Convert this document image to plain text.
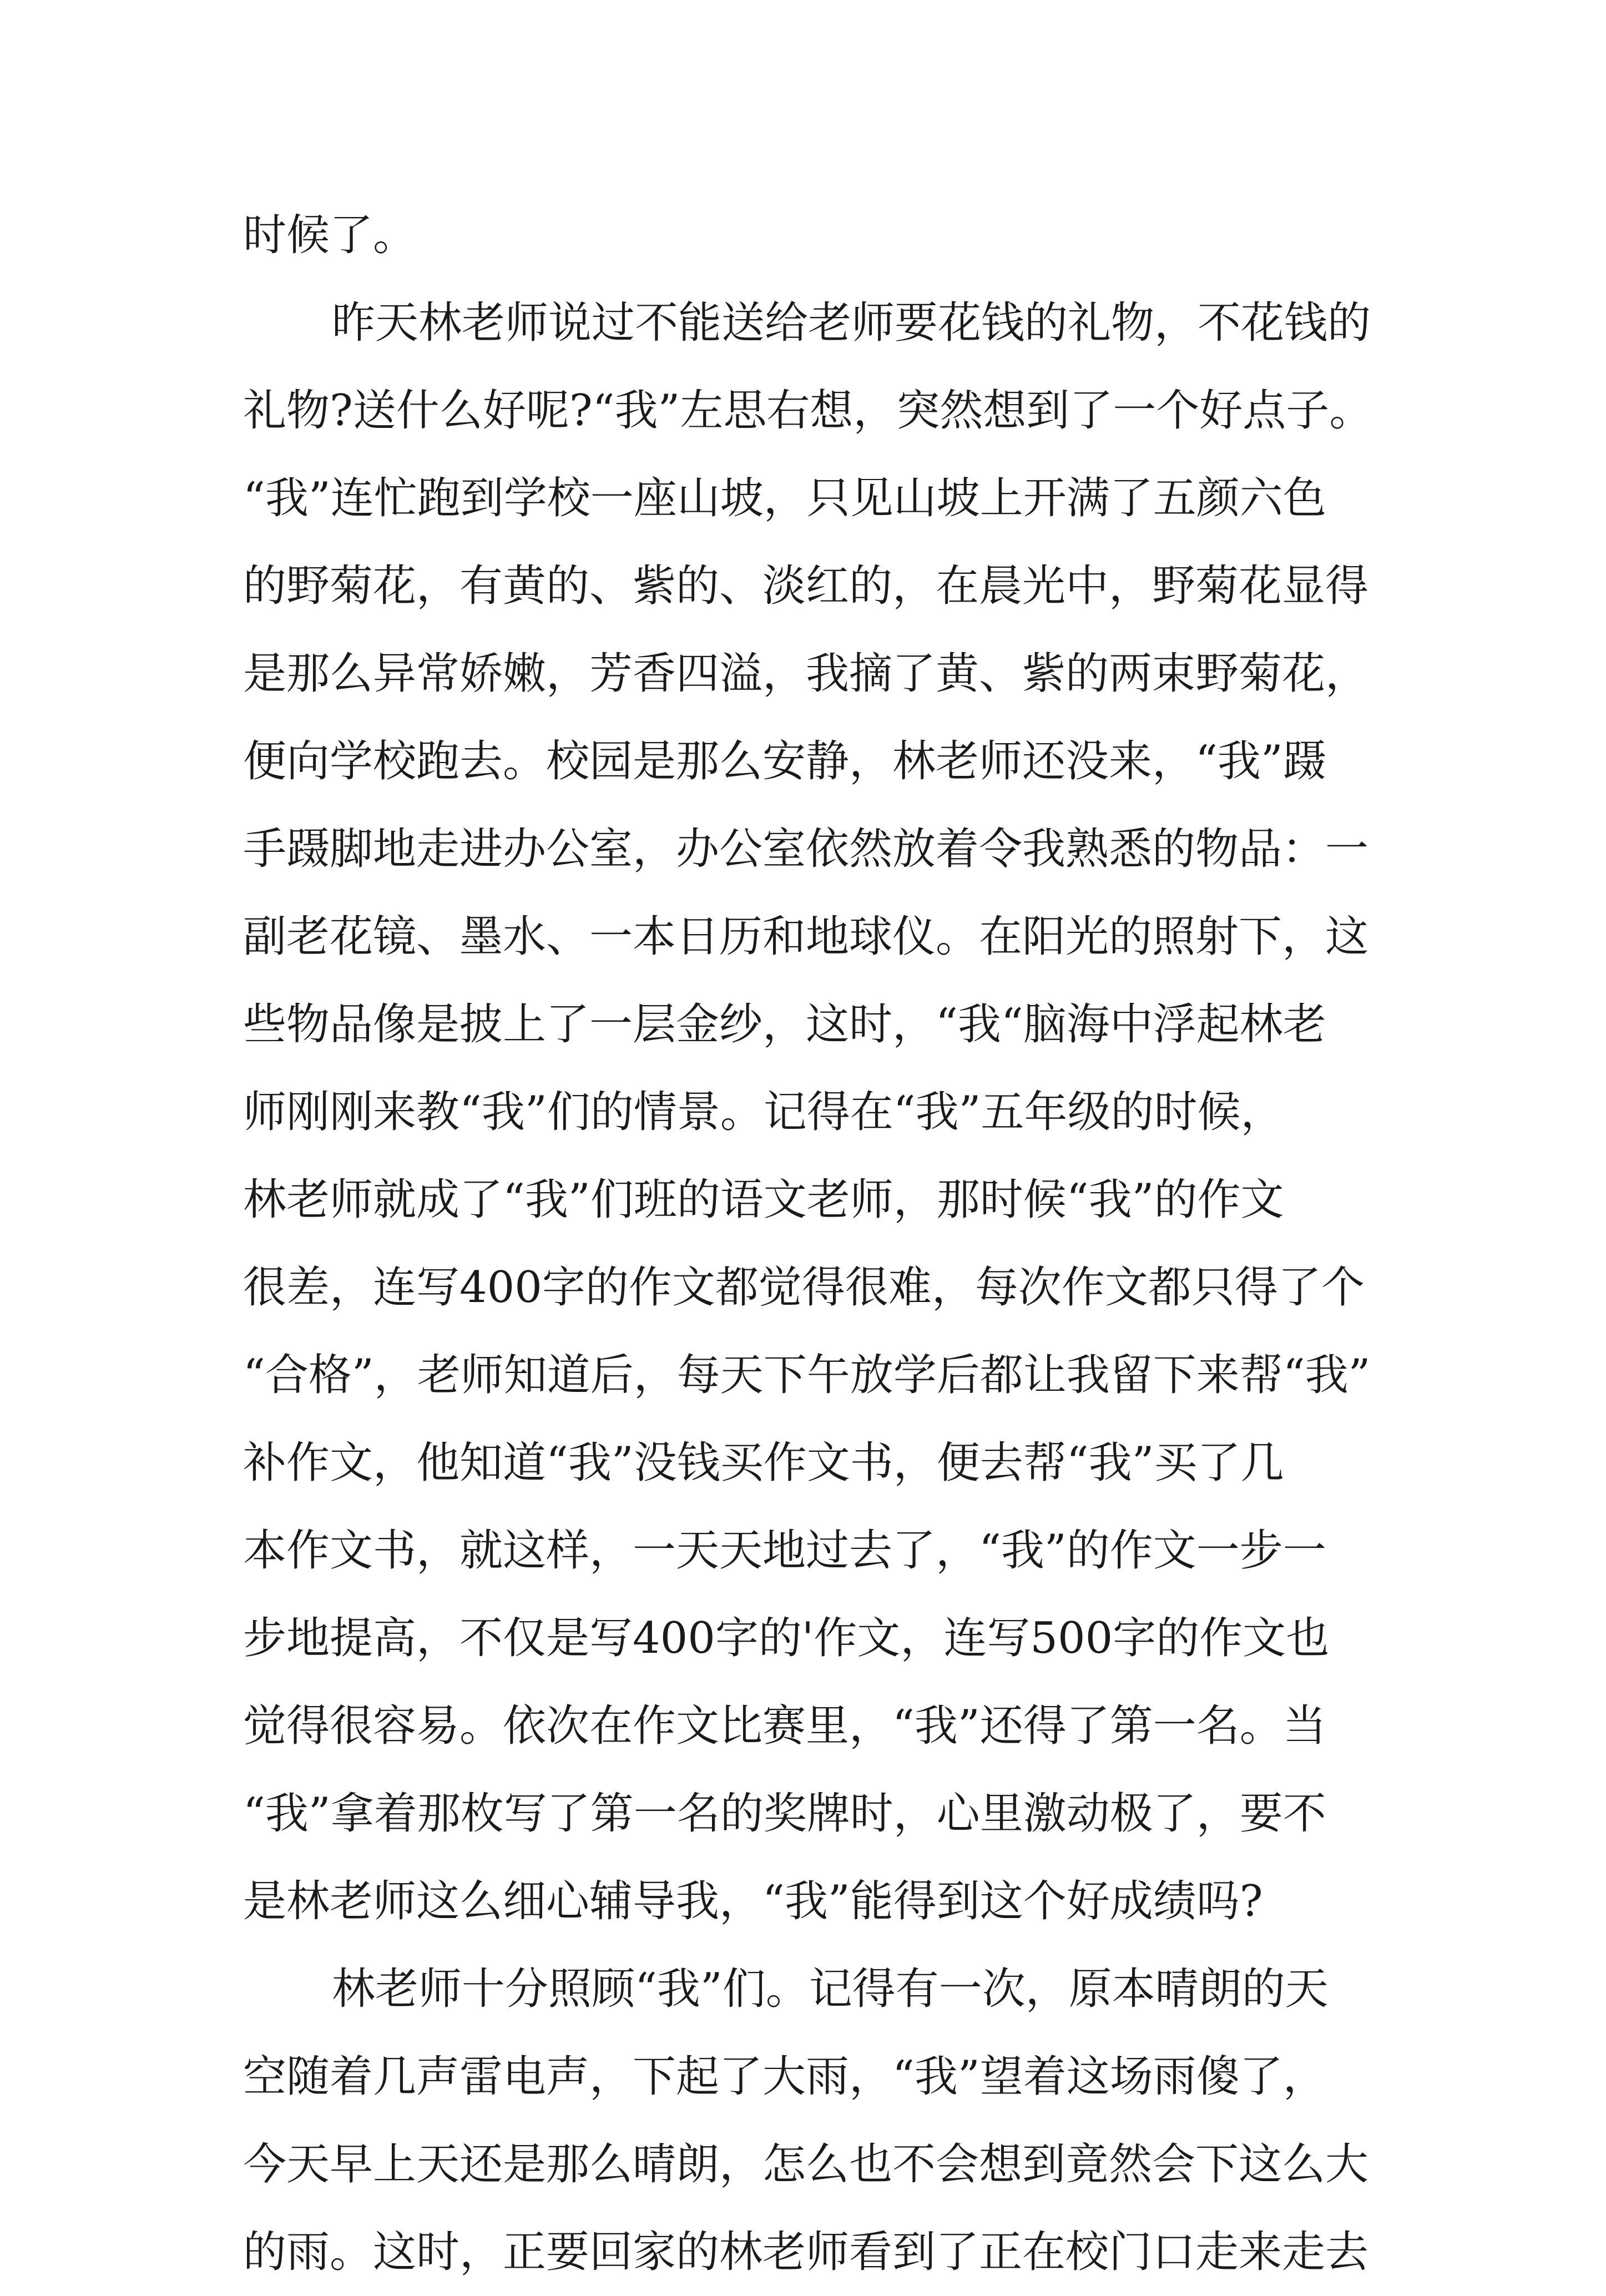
时候了。
昨天林老师说过不能送给老师要花钱的礼物，不花钱的
礼物?送什么好呢?“我”左思右想，突然想到了一个好点子。
“我”连忙跑到学校一座山坡，只见山坡上开满了五颜六色
的野菊花，有黄的、紫的、淡红的，在晨光中，野菊花显得
是那么异常娇嫩，芳香四溢，我摘了黄、紫的两束野菊花，
便向学校跑去。校园是那么安静，林老师还没来，“我”蹑
手蹑脚地走进办公室，办公室依然放着令我熟悉的物品：一
副老花镜、墨水、一本日历和地球仪。在阳光的照射下，这
些物品像是披上了一层金纱，这时，“我“脑海中浮起林老
师刚刚来教“我”们的情景。记得在“我”五年级的时候，
林老师就成了“我”们班的语文老师，那时候“我”的作文
很差，连写400字的作文都觉得很难，每次作文都只得了个
“合格”，老师知道后，每天下午放学后都让我留下来帮“我”
补作文，他知道“我”没钱买作文书，便去帮“我”买了几
本作文书，就这样，一天天地过去了，“我”的作文一步一
步地提高，不仅是写400字的'作文，连写500字的作文也
觉得很容易。依次在作文比赛里，“我”还得了第一名。当
“我”拿着那枚写了第一名的奖牌时，心里激动极了，要不
是林老师这么细心辅导我，“我”能得到这个好成绩吗?
林老师十分照顾“我”们。记得有一次，原本晴朗的天
空随着几声雷电声，下起了大雨，“我”望着这场雨傻了，
今天早上天还是那么晴朗，怎么也不会想到竟然会下这么大
的雨。这时，正要回家的林老师看到了正在校门口走来走去
